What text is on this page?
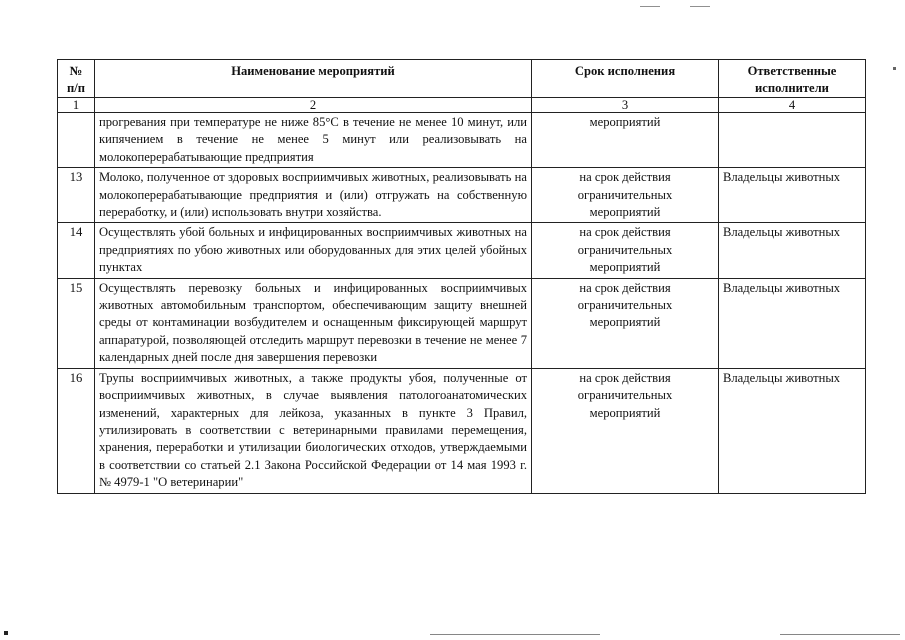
№ п/п	Наименование мероприятий	Срок исполнения	Ответственные исполнители
1	2	3	4
	прогревания при температуре не ниже 85°С в течение не менее 10 минут, или кипячением в течение не менее 5 минут или реализовывать на молокоперерабатывающие предприятия	мероприятий	
13	Молоко, полученное от здоровых восприимчивых животных, реализовывать на молокоперерабатывающие предприятия и (или) отгружать на собственную переработку, и (или) использовать внутри хозяйства.	на срок действия ограничительных мероприятий	Владельцы животных
14	Осуществлять убой больных и инфицированных восприимчивых животных на предприятиях по убою животных или оборудованных для этих целей убойных пунктах	на срок действия ограничительных мероприятий	Владельцы животных
15	Осуществлять перевозку больных и инфицированных восприимчивых животных автомобильным транспортом, обеспечивающим защиту внешней среды от контаминации возбудителем и оснащенным фиксирующей маршрут аппаратурой, позволяющей отследить маршрут перевозки в течение не менее 7 календарных дней после дня завершения перевозки	на срок действия ограничительных мероприятий	Владельцы животных
16	Трупы восприимчивых животных, а также продукты убоя, полученные от восприимчивых животных, в случае выявления патологоанатомических изменений, характерных для лейкоза, указанных в пункте 3 Правил, утилизировать в соответствии с ветеринарными правилами перемещения, хранения, переработки и утилизации биологических отходов, утверждаемыми в соответствии со статьей 2.1 Закона Российской Федерации от 14 мая 1993 г. № 4979-1 "О ветеринарии"	на срок действия ограничительных мероприятий	Владельцы животных
